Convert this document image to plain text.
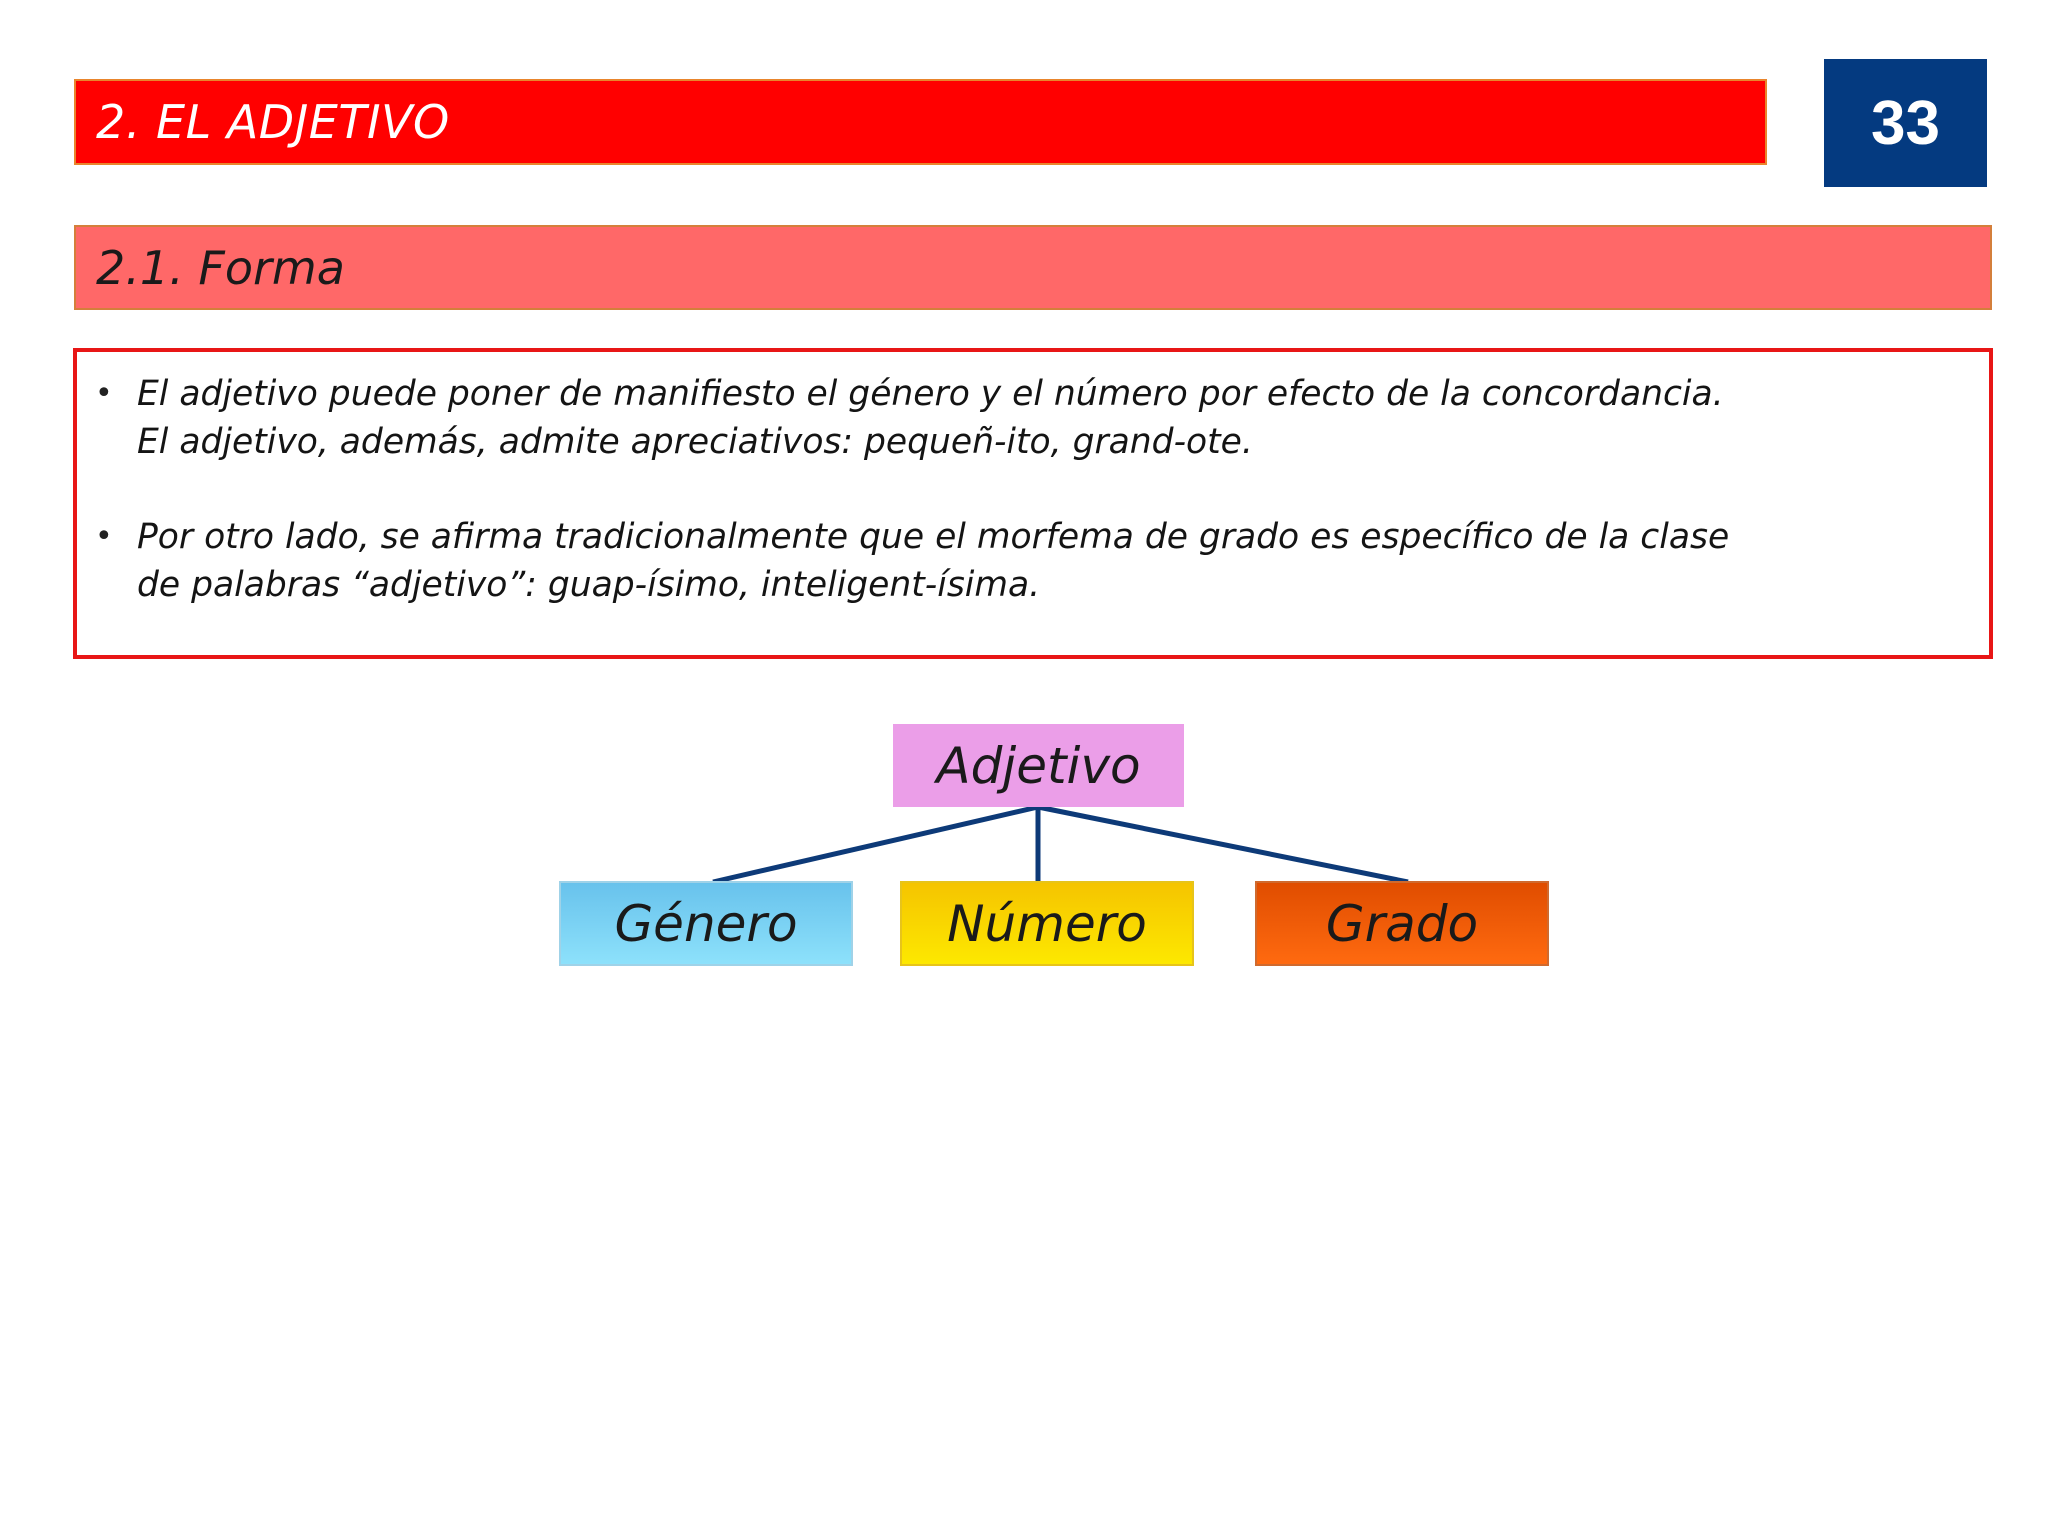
2. EL ADJETIVO	33
2.1. Forma
• El adjetivo puede poner de manifiesto el género y el número por efecto de la concordancia.
El adjetivo, además, admite apreciativos: pequeñ-ito, grand-ote.
• Por otro lado, se afirma tradicionalmente que el morfema de grado es específico de la clase
de palabras “adjetivo”: guap-ísimo, inteligent-ísima.
Adjetivo
Género	Número	Grado
